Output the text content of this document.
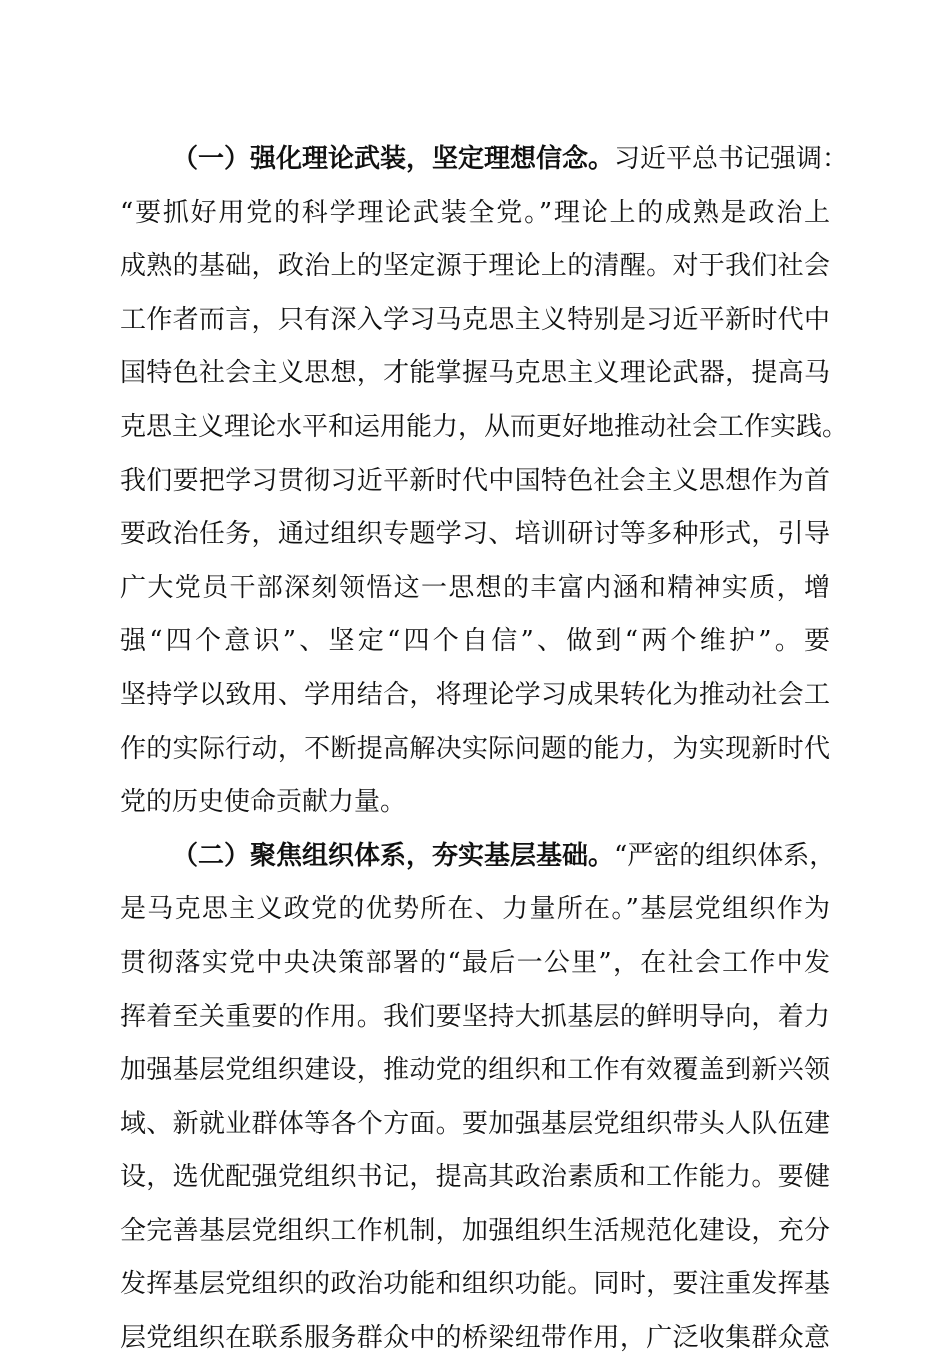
（一）强化理论武装，坚定理想信念。习近平总书记强调：
“要抓好用党的科学理论武装全党。”理论上的成熟是政治上
成熟的基础，政治上的坚定源于理论上的清醒。对于我们社会
工作者而言，只有深入学习马克思主义特别是习近平新时代中
国特色社会主义思想，才能掌握马克思主义理论武器，提高马
克思主义理论水平和运用能力，从而更好地推动社会工作实践。
我们要把学习贯彻习近平新时代中国特色社会主义思想作为首
要政治任务，通过组织专题学习、培训研讨等多种形式，引导
广大党员干部深刻领悟这一思想的丰富内涵和精神实质，增
强“四个意识”、坚定“四个自信”、做到“两个维护”。要
坚持学以致用、学用结合，将理论学习成果转化为推动社会工
作的实际行动，不断提高解决实际问题的能力，为实现新时代
党的历史使命贡献力量。
（二）聚焦组织体系，夯实基层基础。“严密的组织体系，
是马克思主义政党的优势所在、力量所在。”基层党组织作为
贯彻落实党中央决策部署的“最后一公里”，在社会工作中发
挥着至关重要的作用。我们要坚持大抓基层的鲜明导向，着力
加强基层党组织建设，推动党的组织和工作有效覆盖到新兴领
域、新就业群体等各个方面。要加强基层党组织带头人队伍建
设，选优配强党组织书记，提高其政治素质和工作能力。要健
全完善基层党组织工作机制，加强组织生活规范化建设，充分
发挥基层党组织的政治功能和组织功能。同时，要注重发挥基
层党组织在联系服务群众中的桥梁纽带作用，广泛收集群众意
